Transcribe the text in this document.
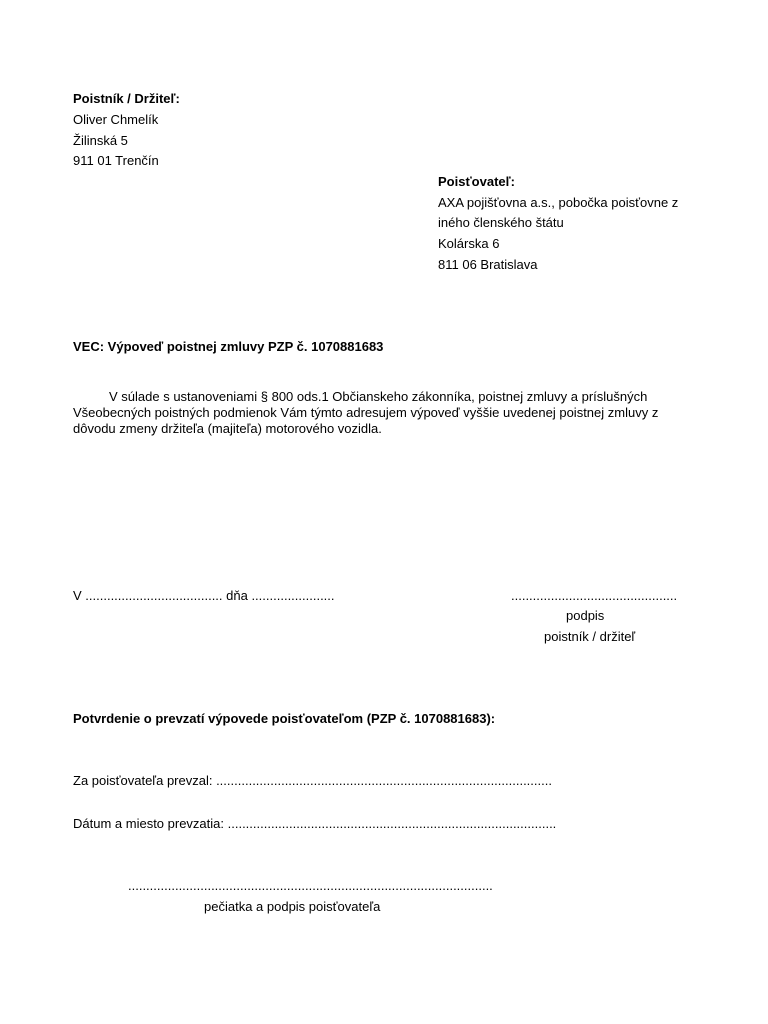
Poistník / Držiteľ:
Oliver Chmelík
Žilinská 5
911 01 Trenčín
Poisťovateľ:
AXA pojišťovna a.s., pobočka poisťovne z
iného členského štátu
Kolárska 6
811 06 Bratislava
VEC: Výpoveď poistnej zmluvy PZP č. 1070881683

V súlade s ustanoveniami § 800 ods.1 Občianskeho zákonníka, poistnej zmluvy a príslušných

Všeobecných poistných podmienok Vám týmto adresujem výpoveď vyššie uvedenej poistnej zmluvy z

dôvodu zmeny držiteľa (majiteľa) motorového vozidla.

V ...................................... dňa .......................	..............................................
podpis
poistník / držiteľ
Potvrdenie o prevzatí výpovede poisťovateľom (PZP č. 1070881683):
Za poisťovateľa prevzal: .............................................................................................
Dátum a miesto prevzatia: ...........................................................................................
.....................................................................................................
pečiatka a podpis poisťovateľa
